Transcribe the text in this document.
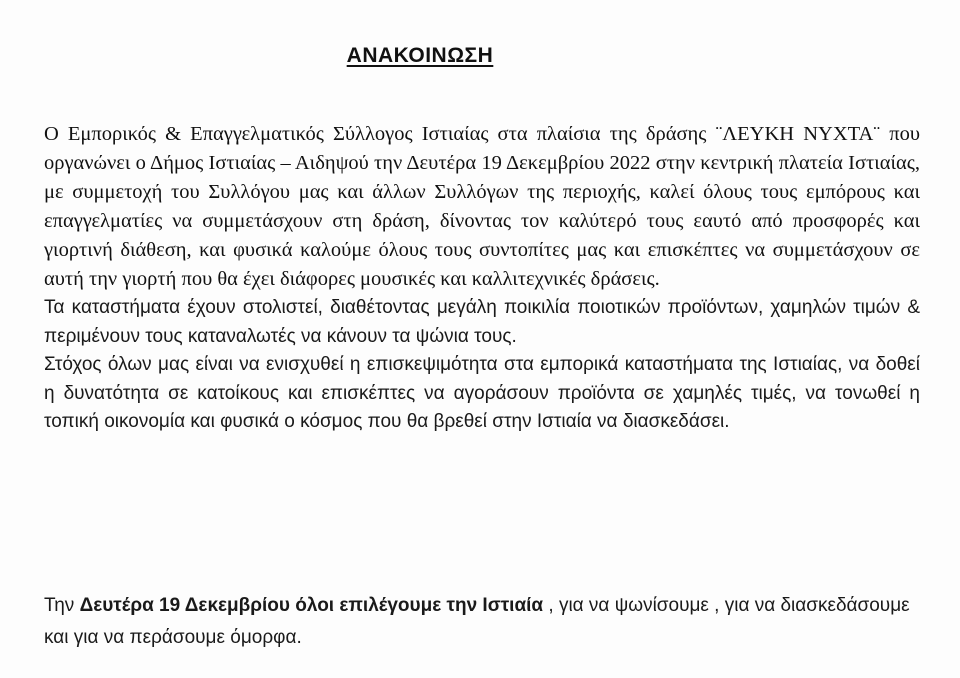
ΑΝΑΚΟΙΝΩΣΗ

Ο Εμπορικός & Επαγγελματικός Σύλλογος Ιστιαίας στα πλαίσια της δράσης ¨ΛΕΥΚΗ ΝΥΧΤΑ¨ που οργανώνει ο Δήμος Ιστιαίας – Αιδηψού την Δευτέρα 19 Δεκεμβρίου 2022 στην κεντρική πλατεία Ιστιαίας, με συμμετοχή του Συλλόγου μας και άλλων Συλλόγων της περιοχής, καλεί όλους τους εμπόρους και επαγγελματίες να συμμετάσχουν στη δράση, δίνοντας τον καλύτερό τους εαυτό από προσφορές και γιορτινή διάθεση, και φυσικά καλούμε όλους τους συντοπίτες μας και επισκέπτες να συμμετάσχουν σε αυτή την γιορτή που θα έχει διάφορες μουσικές και καλλιτεχνικές δράσεις.

Τα καταστήματα έχουν στολιστεί, διαθέτοντας μεγάλη ποικιλία ποιοτικών προϊόντων, χαμηλών τιμών & περιμένουν τους καταναλωτές να κάνουν τα ψώνια τους.

Στόχος όλων μας είναι να ενισχυθεί η επισκεψιμότητα στα εμπορικά καταστήματα της Ιστιαίας, να δοθεί η δυνατότητα σε κατοίκους και επισκέπτες να αγοράσουν προϊόντα σε χαμηλές τιμές, να τονωθεί η τοπική οικονομία και φυσικά ο κόσμος που θα βρεθεί στην Ιστιαία να διασκεδάσει.

Την Δευτέρα 19 Δεκεμβρίου όλοι επιλέγουμε την Ιστιαία , για να ψωνίσουμε , για να διασκεδάσουμε και για να περάσουμε όμορφα.
